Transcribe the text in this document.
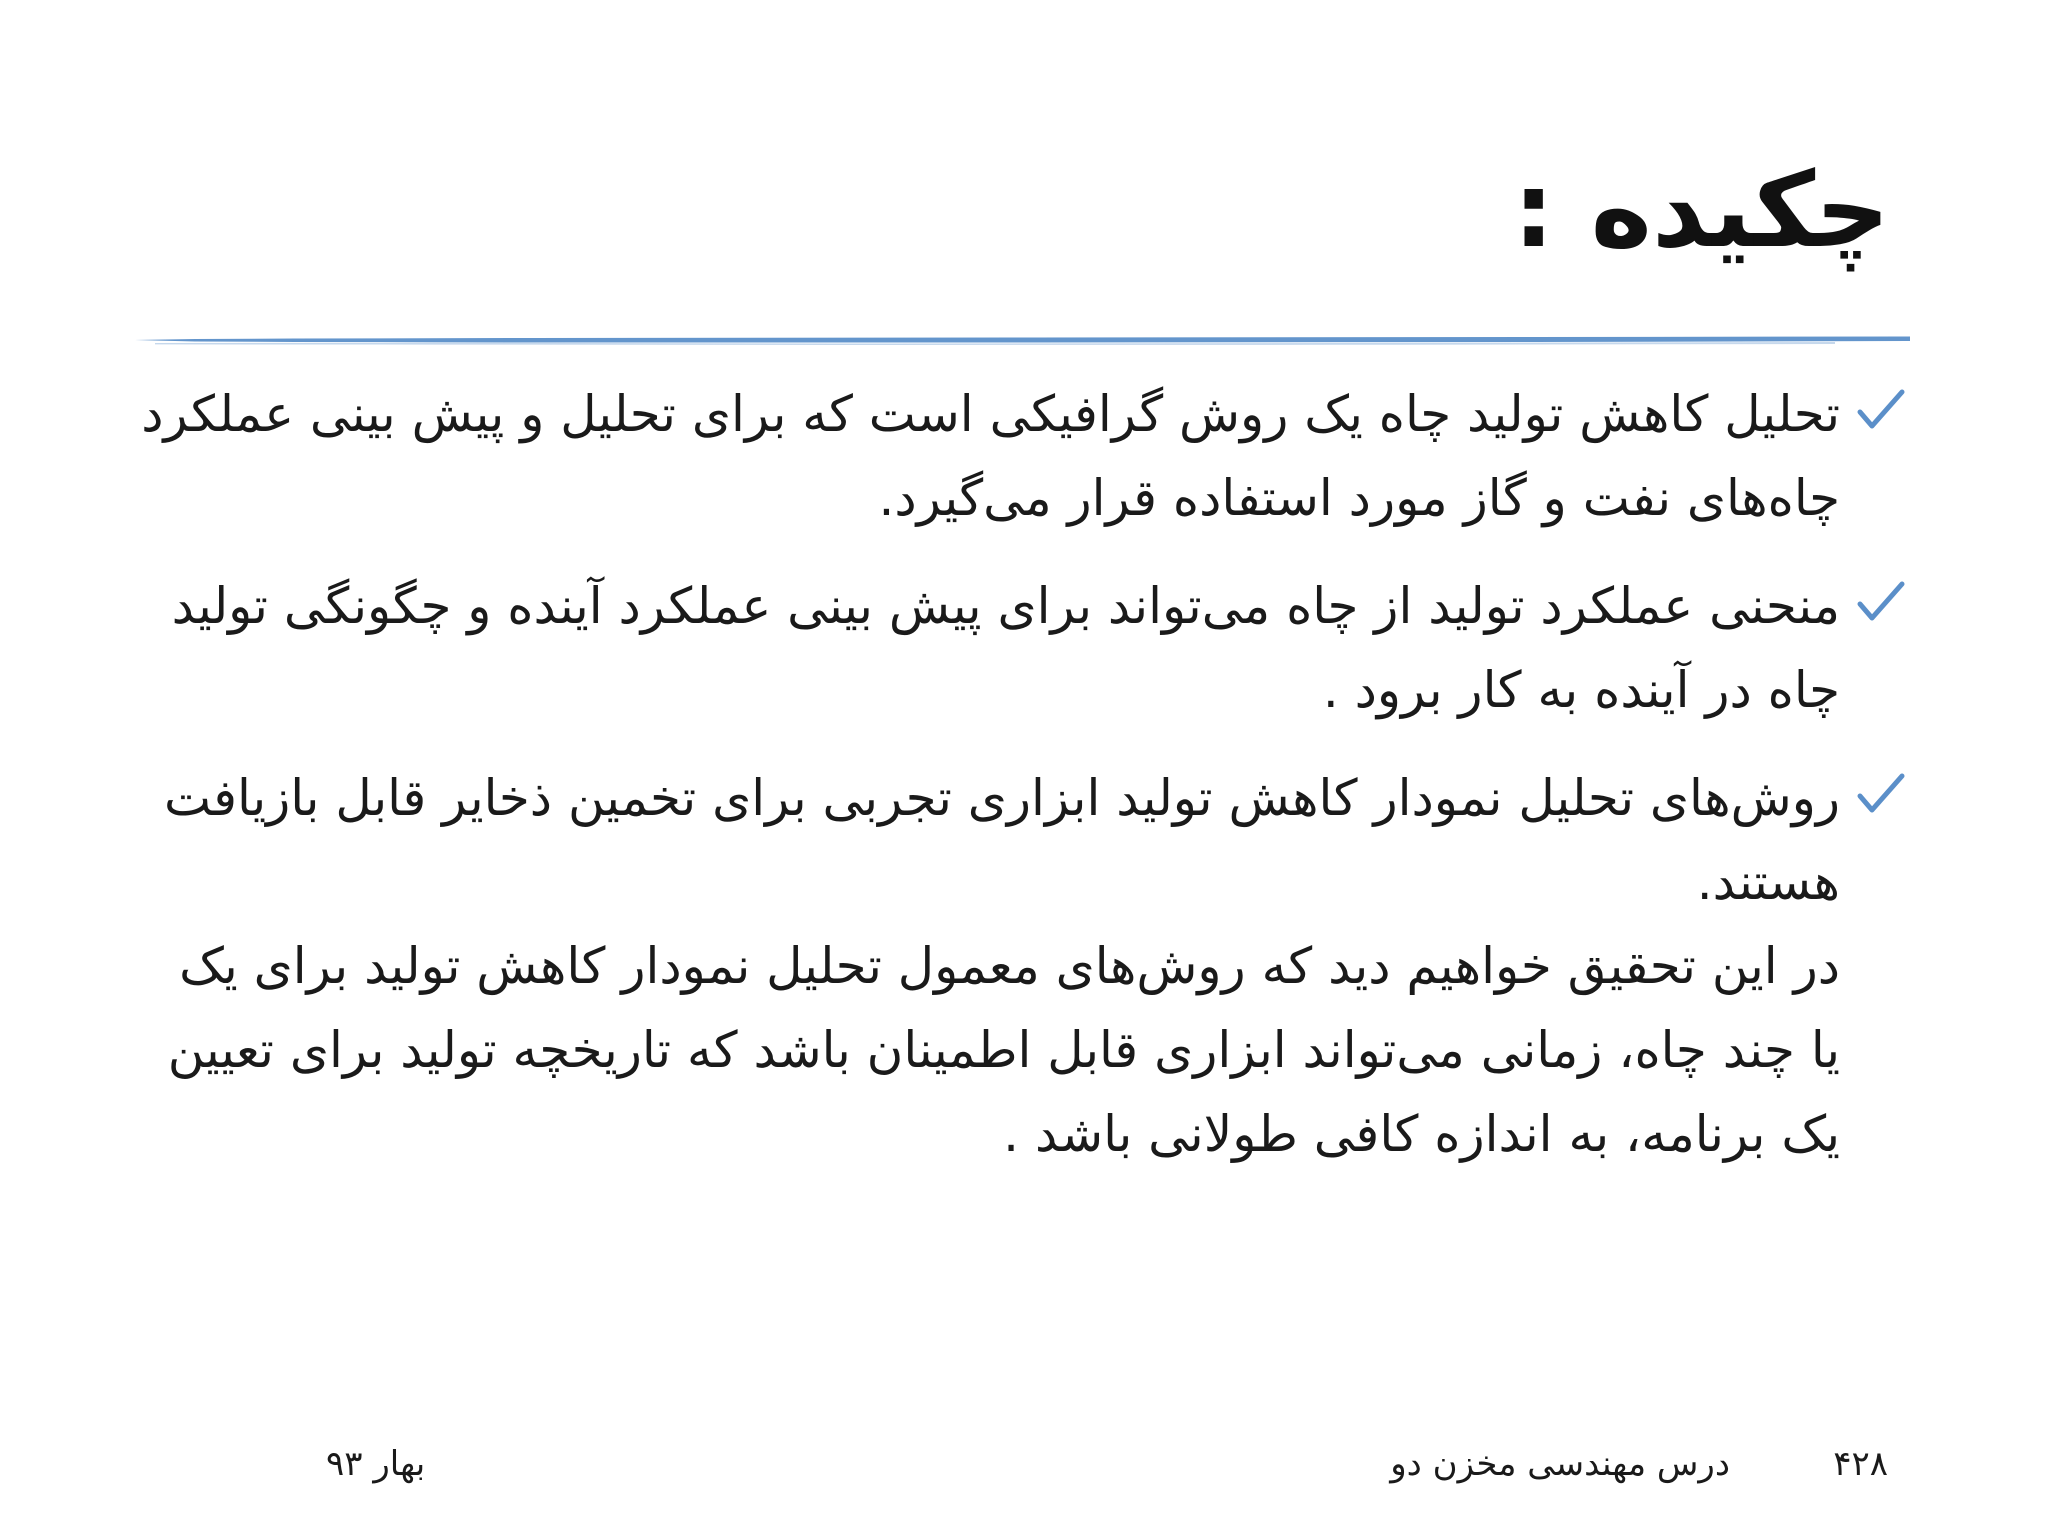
چکیده :

تحلیل کاهش تولید چاه یک روش گرافیکی است که برای تحلیل و پیش بینی عملکرد چاه‌های نفت و گاز مورد استفاده قرار می‌گیرد.

منحنی عملکرد تولید از چاه می‌تواند برای پیش بینی عملکرد آینده و چگونگی تولید چاه در آینده به کار برود .

روش‌های تحلیل نمودار کاهش تولید ابزاری تجربی برای تخمین ذخایر قابل بازیافت هستند.

در این تحقیق خواهیم دید که روش‌های معمول تحلیل نمودار کاهش تولید برای یک یا چند چاه، زمانی می‌تواند ابزاری قابل اطمینان باشد که تاریخچه تولید برای تعیین یک برنامه، به اندازه کافی طولانی باشد .

۴۲۸
درس مهندسی مخزن دو
بهار ۹۳
